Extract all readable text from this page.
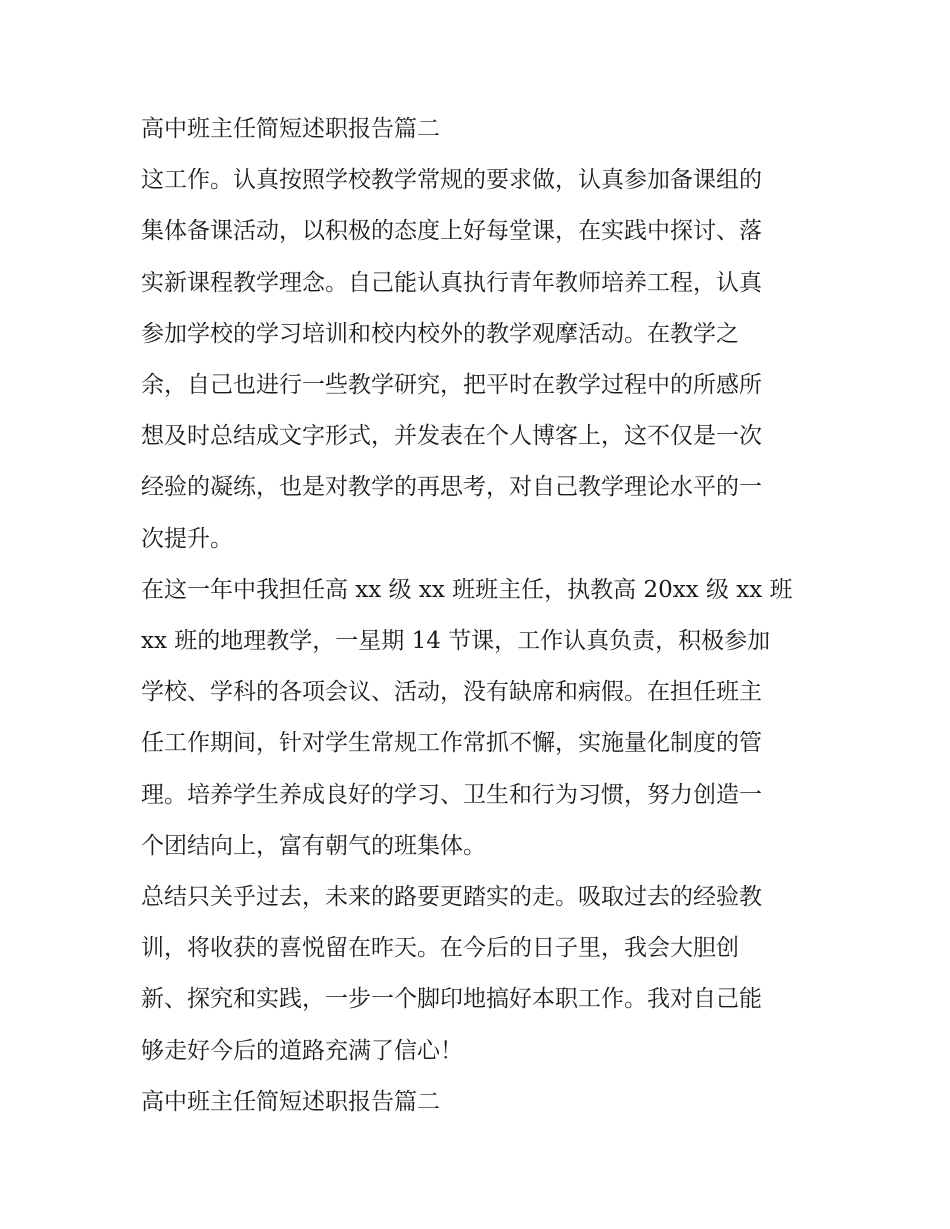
高中班主任简短述职报告篇二

这工作。认真按照学校教学常规的要求做，认真参加备课组的
集体备课活动，以积极的态度上好每堂课，在实践中探讨、落
实新课程教学理念。自己能认真执行青年教师培养工程，认真
参加学校的学习培训和校内校外的教学观摩活动。在教学之
余，自己也进行一些教学研究，把平时在教学过程中的所感所
想及时总结成文字形式，并发表在个人博客上，这不仅是一次
经验的凝练，也是对教学的再思考，对自己教学理论水平的一
次提升。

在这一年中我担任高 xx 级 xx 班班主任，执教高 20xx 级 xx 班
xx 班的地理教学，一星期 14 节课，工作认真负责，积极参加
学校、学科的各项会议、活动，没有缺席和病假。在担任班主
任工作期间，针对学生常规工作常抓不懈，实施量化制度的管
理。培养学生养成良好的学习、卫生和行为习惯，努力创造一
个团结向上，富有朝气的班集体。

总结只关乎过去，未来的路要更踏实的走。吸取过去的经验教
训，将收获的喜悦留在昨天。在今后的日子里，我会大胆创
新、探究和实践，一步一个脚印地搞好本职工作。我对自己能
够走好今后的道路充满了信心！

高中班主任简短述职报告篇二
